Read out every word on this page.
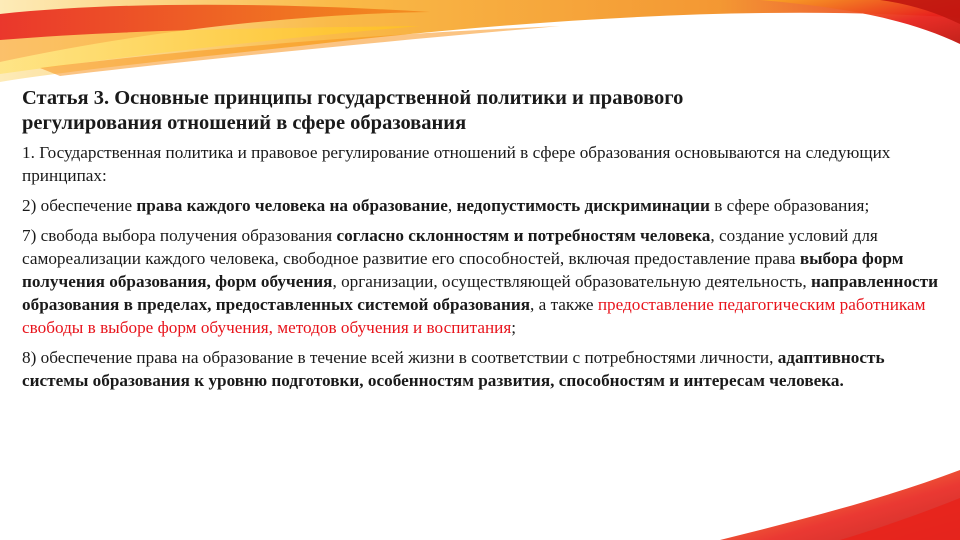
Статья 3. Основные принципы государственной политики и правового
регулирования отношений в сфере образования

1. Государственная политика и правовое регулирование отношений в сфере образования основываются на следующих принципах:

2) обеспечение права каждого человека на образование, недопустимость дискриминации в сфере образования;

7) свобода выбора получения образования согласно склонностям и потребностям человека, создание условий для самореализации каждого человека, свободное развитие его способностей, включая предоставление права выбора форм получения образования, форм обучения, организации, осуществляющей образовательную деятельность, направленности образования в пределах, предоставленных системой образования, а также предоставление педагогическим работникам свободы в выборе форм обучения, методов обучения и воспитания;

8) обеспечение права на образование в течение всей жизни в соответствии с потребностями личности, адаптивность системы образования к уровню подготовки, особенностям развития, способностям и интересам человека.
